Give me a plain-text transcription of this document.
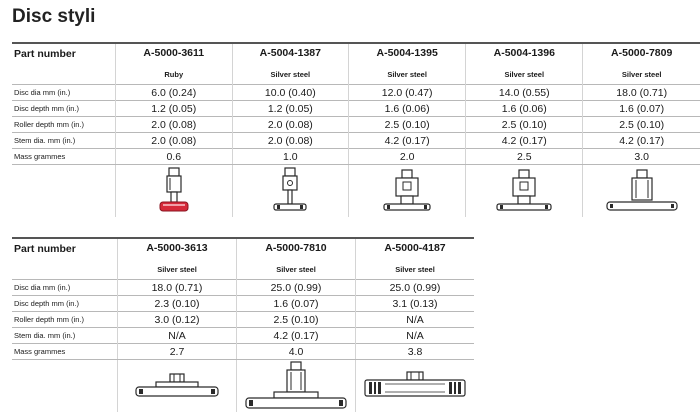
Disc styli
Part number	A-5000-3611	A-5004-1387	A-5004-1395	A-5004-1396	A-5000-7809
	Ruby	Silver steel	Silver steel	Silver steel	Silver steel
Disc dia mm (in.)	6.0 (0.24)	10.0 (0.40)	12.0 (0.47)	14.0 (0.55)	18.0 (0.71)
Disc depth mm (in.)	1.2 (0.05)	1.2 (0.05)	1.6 (0.06)	1.6 (0.06)	1.6 (0.07)
Roller depth mm (in.)	2.0 (0.08)	2.0 (0.08)	2.5 (0.10)	2.5 (0.10)	2.5 (0.10)
Stem dia. mm (in.)	2.0 (0.08)	2.0 (0.08)	4.2 (0.17)	4.2 (0.17)	4.2 (0.17)
Mass grammes	0.6	1.0	2.0	2.5	3.0

Part number	A-5000-3613	A-5000-7810	A-5000-4187
	Silver steel	Silver steel	Silver steel
Disc dia mm (in.)	18.0 (0.71)	25.0 (0.99)	25.0 (0.99)
Disc depth mm (in.)	2.3 (0.10)	1.6 (0.07)	3.1 (0.13)
Roller depth mm (in.)	3.0 (0.12)	2.5 (0.10)	N/A
Stem dia. mm (in.)	N/A	4.2 (0.17)	N/A
Mass grammes	2.7	4.0	3.8
